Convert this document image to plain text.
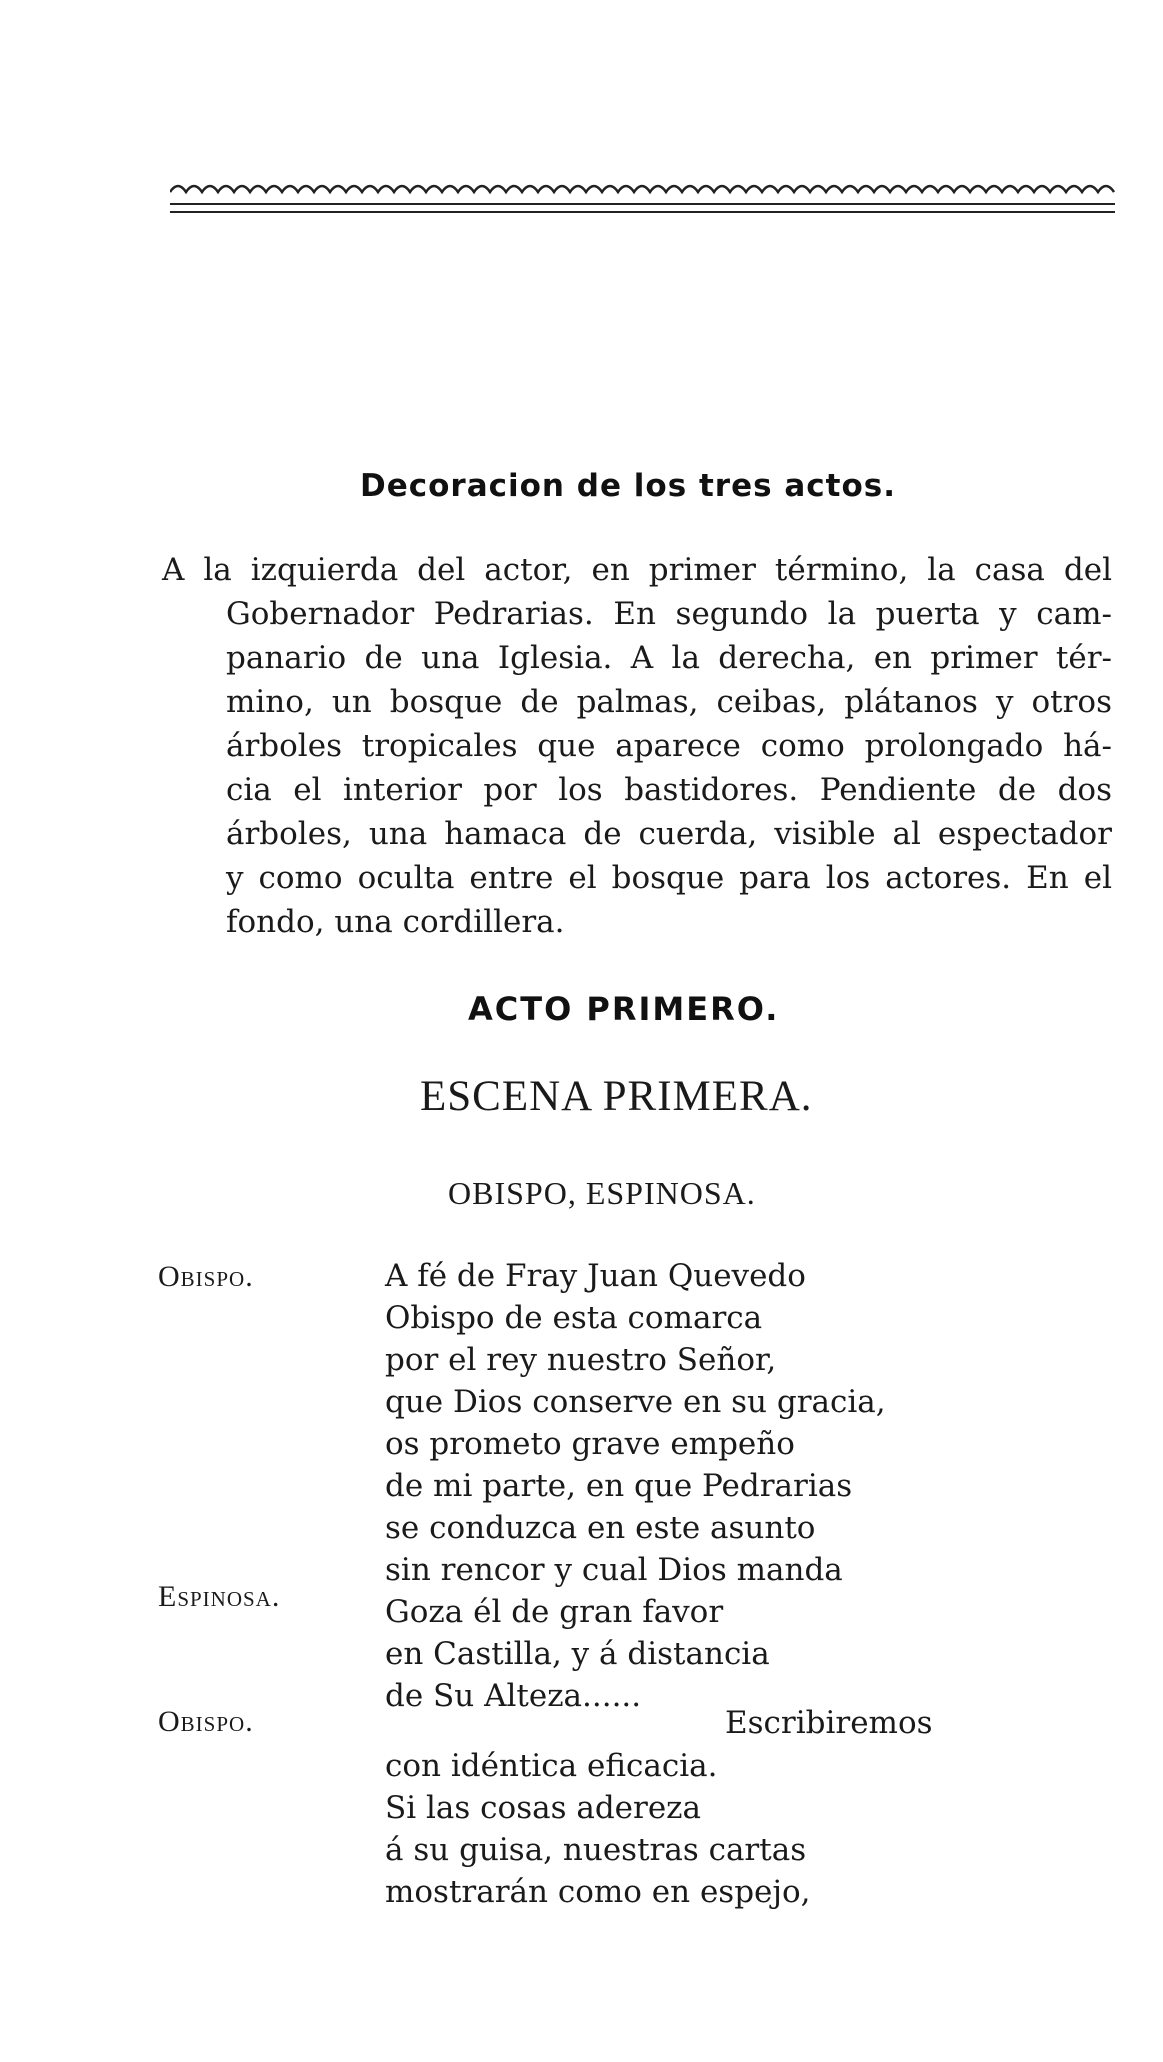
Decoracion de los tres actos.
A la izquierda del actor, en primer término, la casa del
Gobernador Pedrarias. En segundo la puerta y cam-
panario de una Iglesia. A la derecha, en primer tér-
mino, un bosque de palmas, ceibas, plátanos y otros
árboles tropicales que aparece como prolongado há-
cia el interior por los bastidores. Pendiente de dos
árboles, una hamaca de cuerda, visible al espectador
y como oculta entre el bosque para los actores. En el
fondo, una cordillera.
ACTO PRIMERO.
ESCENA PRIMERA.
OBISPO, ESPINOSA.
Obispo.
Espinosa.
Obispo.
A fé de Fray Juan Quevedo
Obispo de esta comarca
por el rey nuestro Señor,
que Dios conserve en su gracia,
os prometo grave empeño
de mi parte, en que Pedrarias
se conduzca en este asunto
sin rencor y cual Dios manda
Goza él de gran favor
en Castilla, y á distancia
de Su Alteza......
Escribiremos
con idéntica eficacia.
Si las cosas adereza
á su guisa, nuestras cartas
mostrarán como en espejo,
